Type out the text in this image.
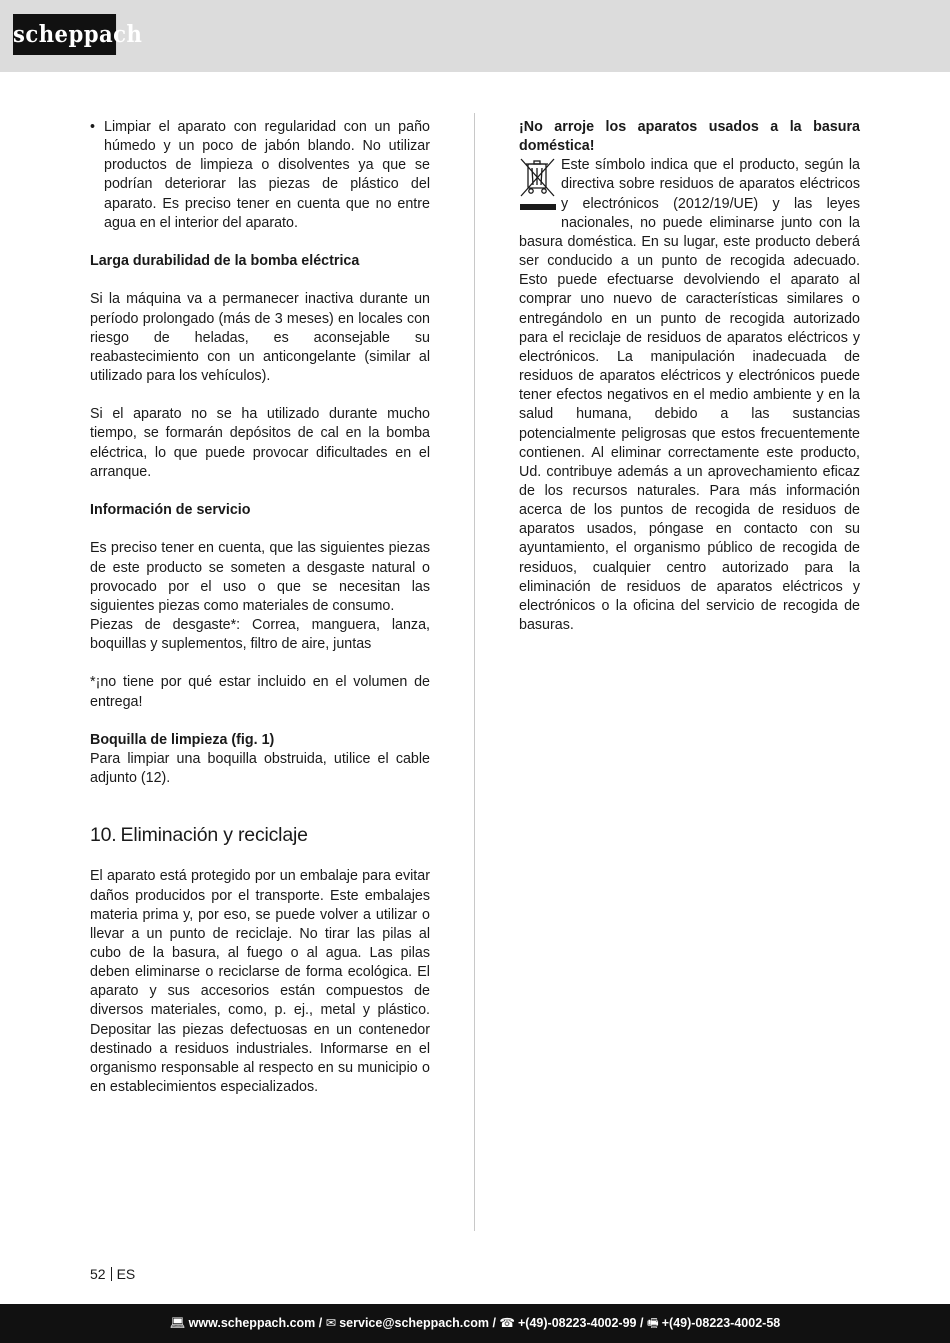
scheppach
• Limpiar el aparato con regularidad con un paño húmedo y un poco de jabón blando. No utilizar productos de limpieza o disolventes ya que se podrían deteriorar las piezas de plástico del aparato. Es preciso tener en cuenta que no entre agua en el interior del aparato.

Larga durabilidad de la bomba eléctrica

Si la máquina va a permanecer inactiva durante un período prolongado (más de 3 meses) en locales con riesgo de heladas, es aconsejable su reabastecimiento con un anticongelante (similar al utilizado para los vehículos).

Si el aparato no se ha utilizado durante mucho tiempo, se formarán depósitos de cal en la bomba eléctrica, lo que puede provocar dificultades en el arranque.

Información de servicio

Es preciso tener en cuenta, que las siguientes piezas de este producto se someten a desgaste natural o provocado por el uso o que se necesitan las siguientes piezas como materiales de consumo.

Piezas de desgaste*: Correa, manguera, lanza, boquillas y suplementos, filtro de aire, juntas

*¡no tiene por qué estar incluido en el volumen de entrega!

Boquilla de limpieza (fig. 1)

Para limpiar una boquilla obstruida, utilice el cable adjunto (12).

10. Eliminación y reciclaje

El aparato está protegido por un embalaje para evitar daños producidos por el transporte. Este embalajes materia prima y, por eso, se puede volver a utilizar o llevar a un punto de reciclaje. No tirar las pilas al cubo de la basura, al fuego o al agua. Las pilas deben eliminarse o reciclarse de forma ecológica. El aparato y sus accesorios están compuestos de diversos materiales, como, p. ej., metal y plástico. Depositar las piezas defectuosas en un contenedor destinado a residuos industriales. Informarse en el organismo responsable al respecto en su municipio o en establecimientos especializados.

¡No arroje los aparatos usados a la basura doméstica!

Este símbolo indica que el producto, según la directiva sobre residuos de aparatos eléctricos y electrónicos (2012/19/UE) y las leyes nacionales, no puede eliminarse junto con la basura doméstica. En su lugar, este producto deberá ser conducido a un punto de recogida adecuado. Esto puede efectuarse devolviendo el aparato al comprar uno nuevo de características similares o entregándolo en un punto de recogida autorizado para el reciclaje de residuos de aparatos eléctricos y electrónicos. La manipulación inadecuada de residuos de aparatos eléctricos y electrónicos puede tener efectos negativos en el medio ambiente y en la salud humana, debido a las sustancias potencialmente peligrosas que estos frecuentemente contienen. Al eliminar correctamente este producto, Ud. contribuye además a un aprovechamiento eficaz de los recursos naturales. Para más información acerca de los puntos de recogida de residuos de aparatos usados, póngase en contacto con su ayuntamiento, el organismo público de recogida de residuos, cualquier centro autorizado para la eliminación de residuos de aparatos eléctricos y electrónicos o la oficina del servicio de recogida de basuras.

52 ES
💻︎ www.scheppach.com / ✉︎ service@scheppach.com / ☎︎ +(49)-08223-4002-99 / 🖷︎ +(49)-08223-4002-58
